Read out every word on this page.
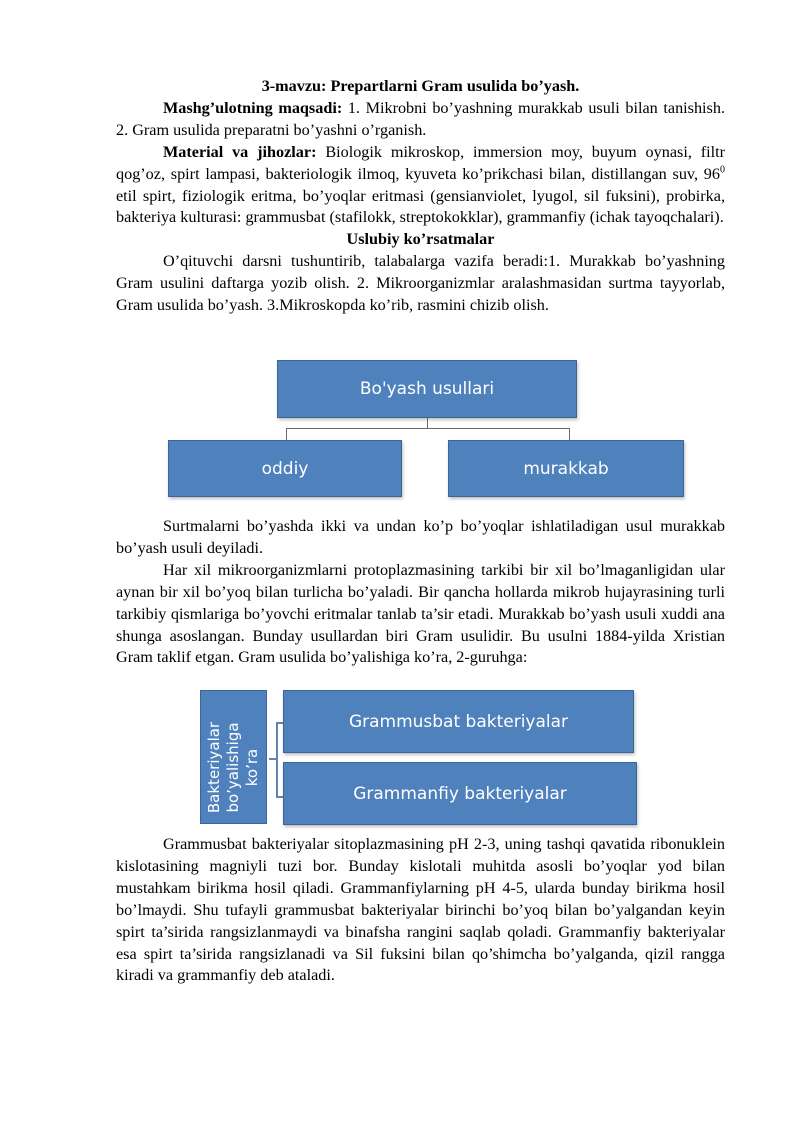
3-mavzu: Prepartlarni Gram usulida bo’yash.

Mashg’ulotning maqsadi: 1. Mikrobni bo’yashning murakkab usuli bilan tanishish. 2. Gram usulida preparatni bo’yashni o’rganish.

Material va jihozlar: Biologik mikroskop, immersion moy, buyum oynasi, filtr qog’oz, spirt lampasi, bakteriologik ilmoq, kyuveta ko’prikchasi bilan, distillangan suv, $96^0$ etil spirt, fiziologik eritma, bo’yoqlar eritmasi (gensianviolet, lyugol, sil fuksini), probirka, bakteriya kulturasi: grammusbat (stafilokk, streptokokklar), grammanfiy (ichak tayoqchalari).

Uslubiy ko’rsatmalar

O’qituvchi darsni tushuntirib, talabalarga vazifa beradi:1. Murakkab bo’yashning Gram usulini daftarga yozib olish. 2. Mikroorganizmlar aralashmasidan surtma tayyorlab, Gram usulida bo’yash. 3.Mikroskopda ko’rib, rasmini chizib olish.

Bo'yash usullari
oddiy	murakkab

Surtmalarni bo’yashda ikki va undan ko’p bo’yoqlar ishlatiladigan usul murakkab bo’yash usuli deyiladi.

Har xil mikroorganizmlarni protoplazmasining tarkibi bir xil bo’lmaganligidan ular aynan bir xil bo’yoq bilan turlicha bo’yaladi. Bir qancha hollarda mikrob hujayrasining turli tarkibiy qismlariga bo’yovchi eritmalar tanlab ta’sir etadi. Murakkab bo’yash usuli xuddi ana shunga asoslangan. Bunday usullardan biri Gram usulidir. Bu usulni 1884-yilda Xristian Gram taklif etgan. Gram usulida bo’yalishiga ko’ra, 2-guruhga:

Bakteriyalar bo’yalishiga ko’ra
Grammusbat bakteriyalar
Grammanfiy bakteriyalar

Grammusbat bakteriyalar sitoplazmasining pH 2-3, uning tashqi qavatida ribonuklein kislotasining magniyli tuzi bor. Bunday kislotali muhitda asosli bo’yoqlar yod bilan mustahkam birikma hosil qiladi. Grammanfiylarning pH 4-5, ularda bunday birikma hosil bo’lmaydi. Shu tufayli grammusbat bakteriyalar birinchi bo’yoq bilan bo’yalgandan keyin spirt ta’sirida rangsizlanmaydi va binafsha rangini saqlab qoladi. Grammanfiy bakteriyalar esa spirt ta’sirida rangsizlanadi va Sil fuksini bilan qo’shimcha bo’yalganda, qizil rangga kiradi va grammanfiy deb ataladi.
